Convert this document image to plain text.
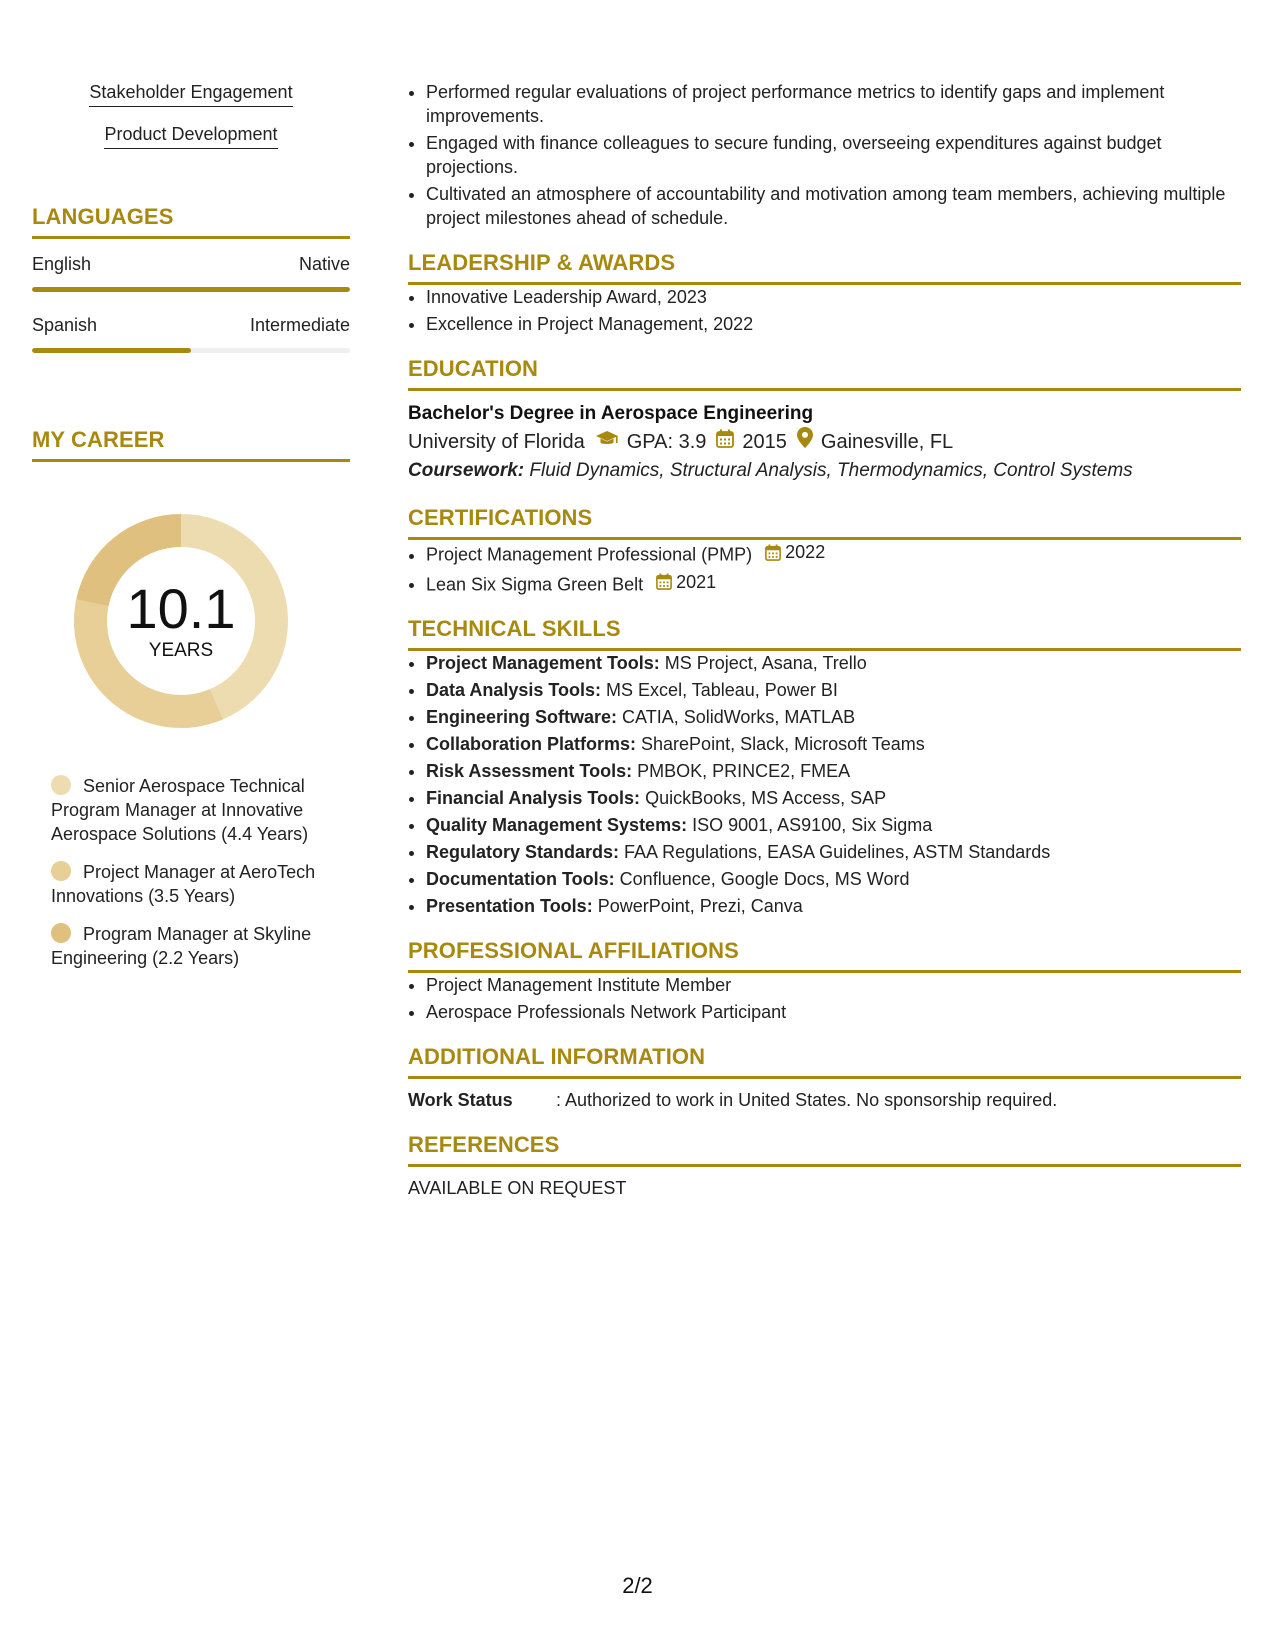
Stakeholder Engagement
Product Development
LANGUAGES
English	Native
Spanish	Intermediate
MY CAREER
10.1
YEARS
Senior Aerospace Technical Program Manager at Innovative Aerospace Solutions (4.4 Years)
Project Manager at AeroTech Innovations (3.5 Years)
Program Manager at Skyline Engineering (2.2 Years)
• Performed regular evaluations of project performance metrics to identify gaps and implement improvements.
• Engaged with finance colleagues to secure funding, overseeing expenditures against budget projections.
• Cultivated an atmosphere of accountability and motivation among team members, achieving multiple project milestones ahead of schedule.
LEADERSHIP & AWARDS
• Innovative Leadership Award, 2023
• Excellence in Project Management, 2022
EDUCATION
Bachelor's Degree in Aerospace Engineering
University of Florida GPA: 3.9 2015 Gainesville, FL
Coursework: Fluid Dynamics, Structural Analysis, Thermodynamics, Control Systems
CERTIFICATIONS
• Project Management Professional (PMP) 2022
• Lean Six Sigma Green Belt 2021
TECHNICAL SKILLS
• Project Management Tools: MS Project, Asana, Trello
• Data Analysis Tools: MS Excel, Tableau, Power BI
• Engineering Software: CATIA, SolidWorks, MATLAB
• Collaboration Platforms: SharePoint, Slack, Microsoft Teams
• Risk Assessment Tools: PMBOK, PRINCE2, FMEA
• Financial Analysis Tools: QuickBooks, MS Access, SAP
• Quality Management Systems: ISO 9001, AS9100, Six Sigma
• Regulatory Standards: FAA Regulations, EASA Guidelines, ASTM Standards
• Documentation Tools: Confluence, Google Docs, MS Word
• Presentation Tools: PowerPoint, Prezi, Canva
PROFESSIONAL AFFILIATIONS
• Project Management Institute Member
• Aerospace Professionals Network Participant
ADDITIONAL INFORMATION
Work Status	: Authorized to work in United States. No sponsorship required.
REFERENCES
AVAILABLE ON REQUEST
2/2
